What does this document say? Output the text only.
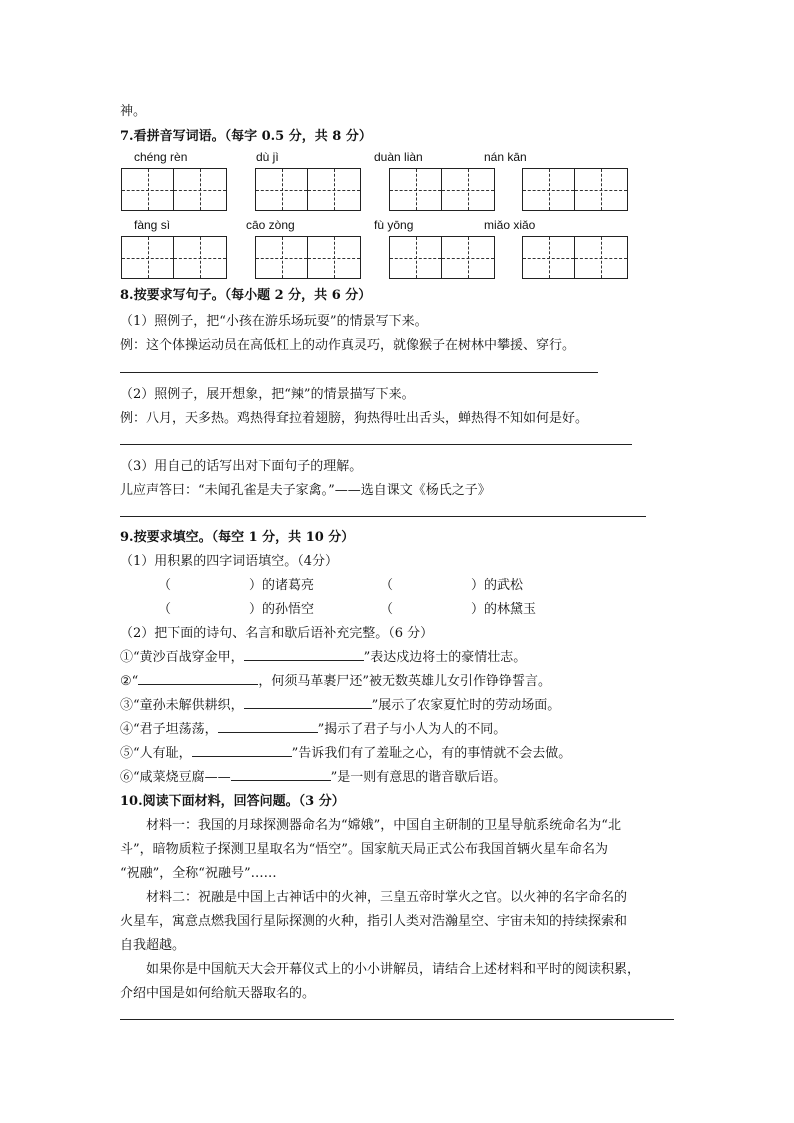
神。
7.看拼音写词语。（每字 0.5 分，共 8 分）
chéng rèn	dù jì	duàn liàn	nán kān
fàng sì	cāo zòng	fù yōng	miǎo xiǎo
8.按要求写句子。（每小题 2 分，共 6 分）
（1）照例子，把“小孩在游乐场玩耍”的情景写下来。
例：这个体操运动员在高低杠上的动作真灵巧，就像猴子在树林中攀援、穿行。
（2）照例子，展开想象，把“辣”的情景描写下来。
例：八月，天多热。鸡热得耷拉着翅膀，狗热得吐出舌头，蝉热得不知如何是好。
（3）用自己的话写出对下面句子的理解。
儿应声答曰：“未闻孔雀是夫子家禽。”——选自课文《杨氏之子》
9.按要求填空。（每空 1 分，共 10 分）
（1）用积累的四字词语填空。（4分）
（	）的诸葛亮	（	）的武松
（	）的孙悟空	（	）的林黛玉
（2）把下面的诗句、名言和歇后语补充完整。（6 分）
①“黄沙百战穿金甲，	”表达戍边将士的豪情壮志。
②“	，何须马革裹尸还”被无数英雄儿女引作铮铮誓言。
③“童孙未解供耕织，	”展示了农家夏忙时的劳动场面。
④“君子坦荡荡，	”揭示了君子与小人为人的不同。
⑤“人有耻，	”告诉我们有了羞耻之心，有的事情就不会去做。
⑥“咸菜烧豆腐——	”是一则有意思的谐音歇后语。
10.阅读下面材料，回答问题。（3 分）
材料一：我国的月球探测器命名为“嫦娥”，中国自主研制的卫星导航系统命名为“北
斗”，暗物质粒子探测卫星取名为“悟空”。国家航天局正式公布我国首辆火星车命名为
“祝融”，全称“祝融号”……
材料二：祝融是中国上古神话中的火神，三皇五帝时掌火之官。以火神的名字命名的
火星车，寓意点燃我国行星际探测的火种，指引人类对浩瀚星空、宇宙未知的持续探索和
自我超越。
如果你是中国航天大会开幕仪式上的小小讲解员，请结合上述材料和平时的阅读积累，
介绍中国是如何给航天器取名的。
